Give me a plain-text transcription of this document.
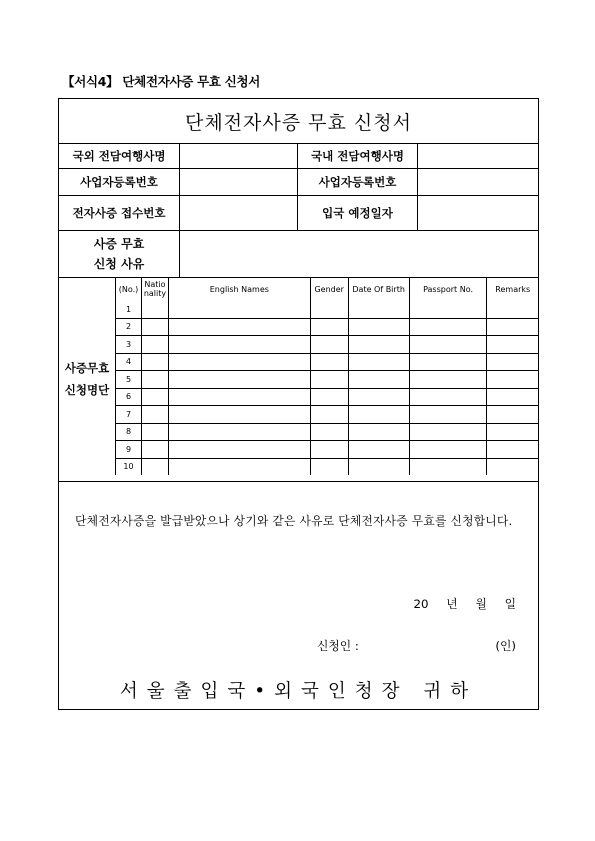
【서식4】 단체전자사증 무효 신청서
단체전자사증 무효 신청서
국외 전담여행사명	국내 전담여행사명
사업자등록번호	사업자등록번호
전자사증 접수번호	입국 예정일자
사증 무효
신청 사유
사증무효
신청명단
(No.)	Natio nality	English Names	Gender	Date Of Birth	Passport No.	Remarks
1						
2						
3						
4						
5						
6						
7						
8						
9						
10						
단체전자사증을 발급받았으나 상기와 같은 사유로 단체전자사증 무효를 신청합니다.
20 년 월 일
신청인 :	(인)
서울출입국•외국인청장 귀하
